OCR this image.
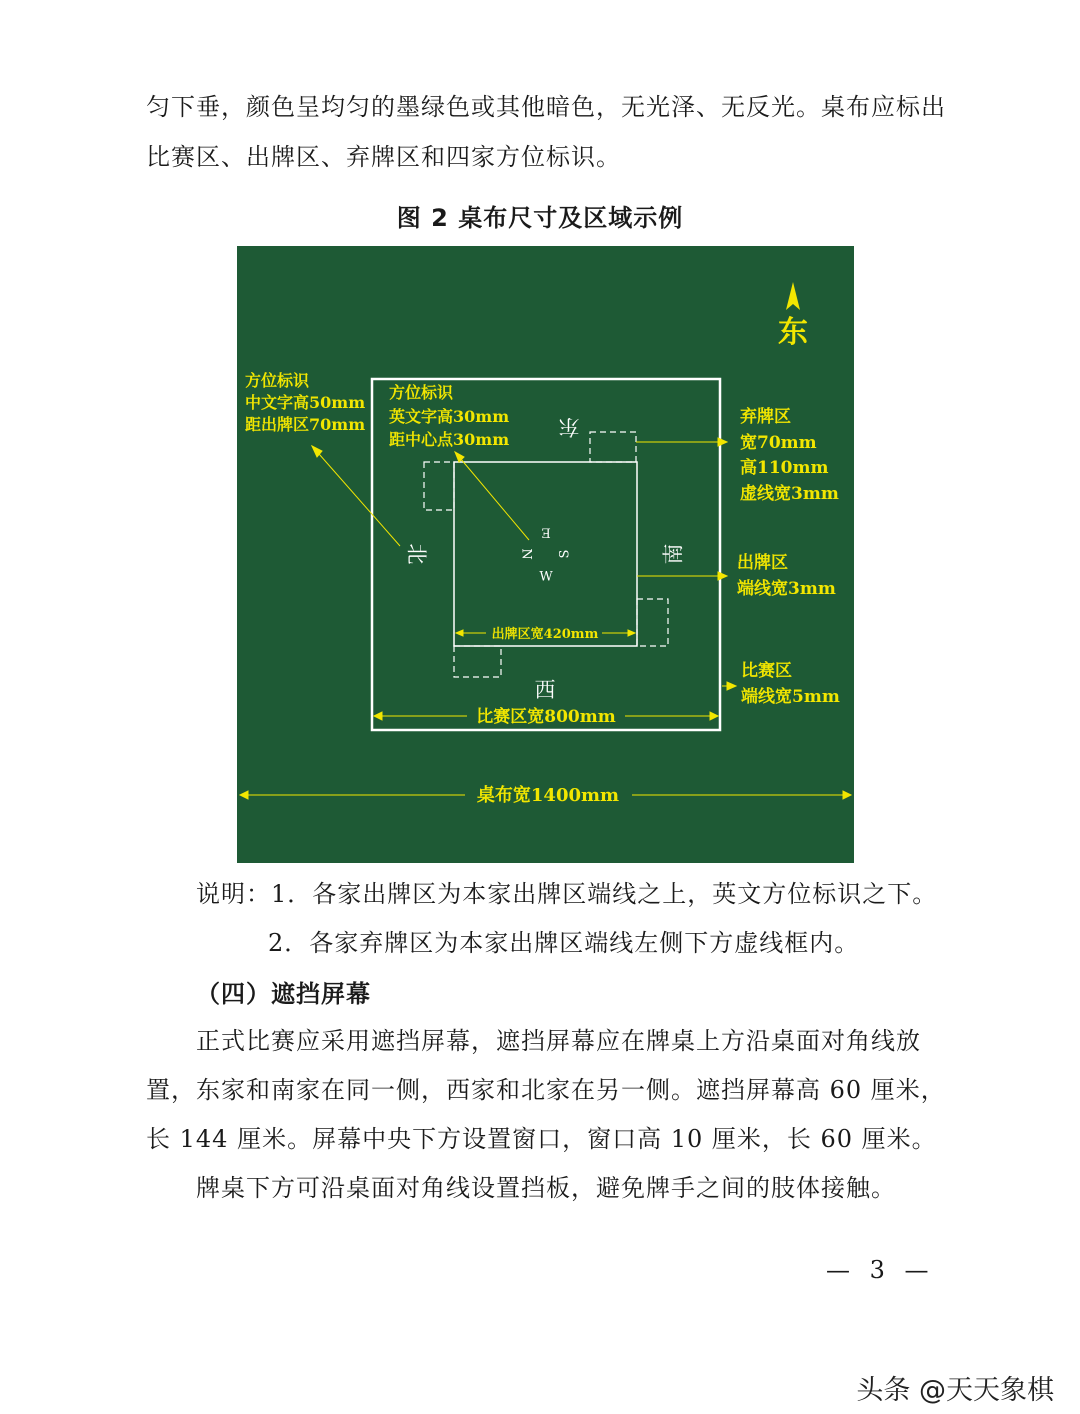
匀下垂，颜色呈均匀的墨绿色或其他暗色，无光泽、无反光。桌布应标出

比赛区、出牌区、弃牌区和四家方位标识。

图 2 桌布尺寸及区域示例
东
东
南
西
北
E
S
W
N
方位标识
中文字高50mm
距出牌区70mm
方位标识
英文字高30mm
距中心点30mm
弃牌区
宽70mm
高110mm
虚线宽3mm
出牌区
端线宽3mm
比赛区
端线宽5mm
出牌区宽420mm
比赛区宽800mm
桌布宽1400mm

说明：1．各家出牌区为本家出牌区端线之上，英文方位标识之下。

2．各家弃牌区为本家出牌区端线左侧下方虚线框内。

（四）遮挡屏幕

正式比赛应采用遮挡屏幕，遮挡屏幕应在牌桌上方沿桌面对角线放

置，东家和南家在同一侧，西家和北家在另一侧。遮挡屏幕高 60 厘米，

长 144 厘米。屏幕中央下方设置窗口，窗口高 10 厘米，长 60 厘米。

牌桌下方可沿桌面对角线设置挡板，避免牌手之间的肢体接触。

— 3 —
头条 @天天象棋
